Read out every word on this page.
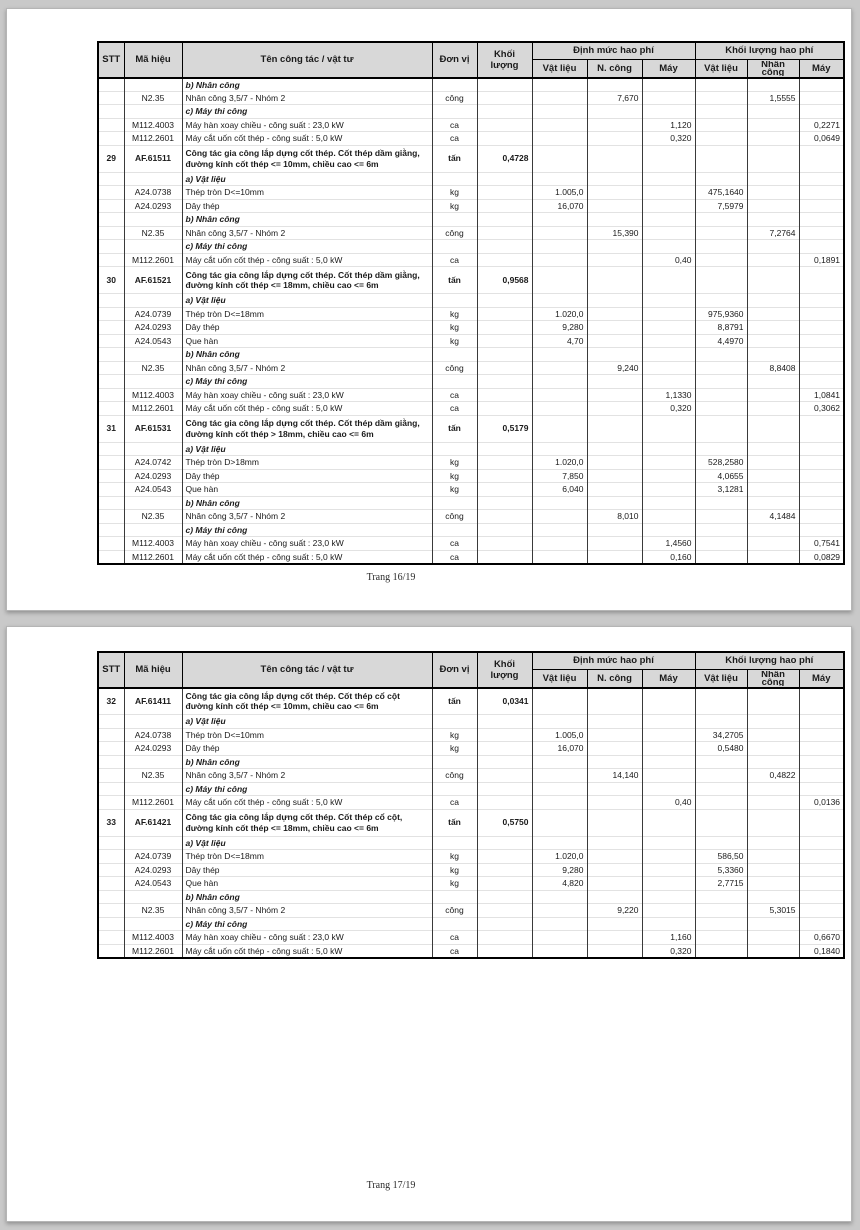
STT	Mã hiệu	Tên công tác / vật tư	Đơn vị	Khối lượng	Định mức hao phí			Khối lượng hao phí		
					Vật liệu	N. công	Máy	Vật liệu	Nhân công	Máy
		b) Nhân công								
	N2.35	Nhân công 3,5/7 - Nhóm 2	công			7,670			1,5555	
		c) Máy thi công								
	M112.4003	Máy hàn xoay chiều - công suất : 23,0 kW	ca				1,120			0,2271
	M112.2601	Máy cắt uốn cốt thép - công suất : 5,0 kW	ca				0,320			0,0649
29	AF.61511	Công tác gia công lắp dựng cốt thép. Cốt thép dầm giằng, đường kính cốt thép <= 10mm, chiều cao <= 6m	tấn	0,4728						
		a) Vật liệu								
	A24.0738	Thép tròn D<=10mm	kg		1.005,0			475,1640		
	A24.0293	Dây thép	kg		16,070			7,5979		
		b) Nhân công								
	N2.35	Nhân công 3,5/7 - Nhóm 2	công			15,390			7,2764	
		c) Máy thi công								
	M112.2601	Máy cắt uốn cốt thép - công suất : 5,0 kW	ca				0,40			0,1891
30	AF.61521	Công tác gia công lắp dựng cốt thép. Cốt thép dầm giằng, đường kính cốt thép <= 18mm, chiều cao <= 6m	tấn	0,9568						
		a) Vật liệu								
	A24.0739	Thép tròn D<=18mm	kg		1.020,0			975,9360		
	A24.0293	Dây thép	kg		9,280			8,8791		
	A24.0543	Que hàn	kg		4,70			4,4970		
		b) Nhân công								
	N2.35	Nhân công 3,5/7 - Nhóm 2	công			9,240			8,8408	
		c) Máy thi công								
	M112.4003	Máy hàn xoay chiều - công suất : 23,0 kW	ca				1,1330			1,0841
	M112.2601	Máy cắt uốn cốt thép - công suất : 5,0 kW	ca				0,320			0,3062
31	AF.61531	Công tác gia công lắp dựng cốt thép. Cốt thép dầm giằng, đường kính cốt thép > 18mm, chiều cao <= 6m	tấn	0,5179						
		a) Vật liệu								
	A24.0742	Thép tròn D>18mm	kg		1.020,0			528,2580		
	A24.0293	Dây thép	kg		7,850			4,0655		
	A24.0543	Que hàn	kg		6,040			3,1281		
		b) Nhân công								
	N2.35	Nhân công 3,5/7 - Nhóm 2	công			8,010			4,1484	
		c) Máy thi công								
	M112.4003	Máy hàn xoay chiều - công suất : 23,0 kW	ca				1,4560			0,7541
	M112.2601	Máy cắt uốn cốt thép - công suất : 5,0 kW	ca				0,160			0,0829
Trang 16/19
STT	Mã hiệu	Tên công tác / vật tư	Đơn vị	Khối lượng	Định mức hao phí			Khối lượng hao phí		
					Vật liệu	N. công	Máy	Vật liệu	Nhân công	Máy
32	AF.61411	Công tác gia công lắp dựng cốt thép. Cốt thép cổ cột đường kính cốt thép <= 10mm, chiều cao <= 6m	tấn	0,0341						
		a) Vật liệu								
	A24.0738	Thép tròn D<=10mm	kg		1.005,0			34,2705		
	A24.0293	Dây thép	kg		16,070			0,5480		
		b) Nhân công								
	N2.35	Nhân công 3,5/7 - Nhóm 2	công			14,140			0,4822	
		c) Máy thi công								
	M112.2601	Máy cắt uốn cốt thép - công suất : 5,0 kW	ca				0,40			0,0136
33	AF.61421	Công tác gia công lắp dựng cốt thép. Cốt thép cổ cột, đường kính cốt thép <= 18mm, chiều cao <= 6m	tấn	0,5750						
		a) Vật liệu								
	A24.0739	Thép tròn D<=18mm	kg		1.020,0			586,50		
	A24.0293	Dây thép	kg		9,280			5,3360		
	A24.0543	Que hàn	kg		4,820			2,7715		
		b) Nhân công								
	N2.35	Nhân công 3,5/7 - Nhóm 2	công			9,220			5,3015	
		c) Máy thi công								
	M112.4003	Máy hàn xoay chiều - công suất : 23,0 kW	ca				1,160			0,6670
	M112.2601	Máy cắt uốn cốt thép - công suất : 5,0 kW	ca				0,320			0,1840
Trang 17/19
